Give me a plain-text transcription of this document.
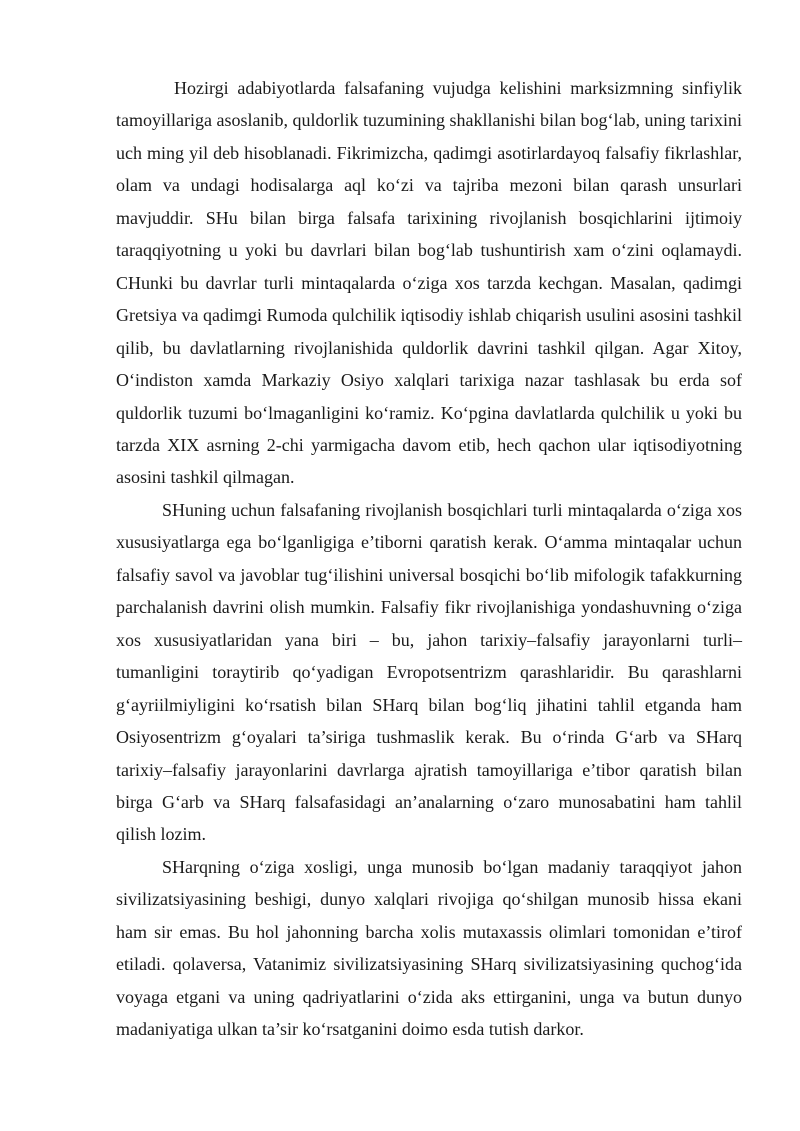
Hozirgi adabiyotlarda falsafaning vujudga kelishini marksizmning sinfiylik tamoyillariga asoslanib, quldorlik tuzumining shakllanishi bilan bog‘lab, uning tarixini uch ming yil deb hisoblanadi. Fikrimizcha, qadimgi asotirlardayoq falsafiy fikrlashlar, olam va undagi hodisalarga aql ko‘zi va tajriba mezoni bilan qarash unsurlari mavjuddir. SHu bilan birga falsafa tarixining rivojlanish bosqichlarini ijtimoiy taraqqiyotning u yoki bu davrlari bilan bog‘lab tushuntirish xam o‘zini oqlamaydi. CHunki bu davrlar turli mintaqalarda o‘ziga xos tarzda kechgan. Masalan, qadimgi Gretsiya va qadimgi Rumoda qulchilik iqtisodiy ishlab chiqarish usulini asosini tashkil qilib, bu davlatlarning rivojlanishida quldorlik davrini tashkil qilgan. Agar Xitoy, O‘indiston xamda Markaziy Osiyo xalqlari tarixiga nazar tashlasak bu erda sof quldorlik tuzumi bo‘lmaganligini ko‘ramiz. Ko‘pgina davlatlarda qulchilik u yoki bu tarzda XIX asrning 2-chi yarmigacha davom etib, hech qachon ular iqtisodiyotning asosini tashkil qilmagan.

SHuning uchun falsafaning rivojlanish bosqichlari turli mintaqalarda o‘ziga xos xususiyatlarga ega bo‘lganligiga e’tiborni qaratish kerak. O‘amma mintaqalar uchun falsafiy savol va javoblar tug‘ilishini universal bosqichi bo‘lib mifologik tafakkurning parchalanish davrini olish mumkin. Falsafiy fikr rivojlanishiga yondashuvning o‘ziga xos xususiyatlaridan yana biri – bu, jahon tarixiy–falsafiy jarayonlarni turli–tumanligini toraytirib qo‘yadigan Evropotsentrizm qarashlaridir. Bu qarashlarni g‘ayriilmiyligini ko‘rsatish bilan SHarq bilan bog‘liq jihatini tahlil etganda ham Osiyosentrizm g‘oyalari ta’siriga tushmaslik kerak. Bu o‘rinda G‘arb va SHarq tarixiy–falsafiy jarayonlarini davrlarga ajratish tamoyillariga e’tibor qaratish bilan birga G‘arb va SHarq falsafasidagi an’analarning o‘zaro munosabatini ham tahlil qilish lozim.

SHarqning o‘ziga xosligi, unga munosib bo‘lgan madaniy taraqqiyot jahon sivilizatsiyasining beshigi, dunyo xalqlari rivojiga qo‘shilgan munosib hissa ekani ham sir emas. Bu hol jahonning barcha xolis mutaxassis olimlari tomonidan e’tirof etiladi. qolaversa, Vatanimiz sivilizatsiyasining SHarq sivilizatsiyasining quchog‘ida voyaga etgani va uning qadriyatlarini o‘zida aks ettirganini, unga va butun dunyo madaniyatiga ulkan ta’sir ko‘rsatganini doimo esda tutish darkor.
